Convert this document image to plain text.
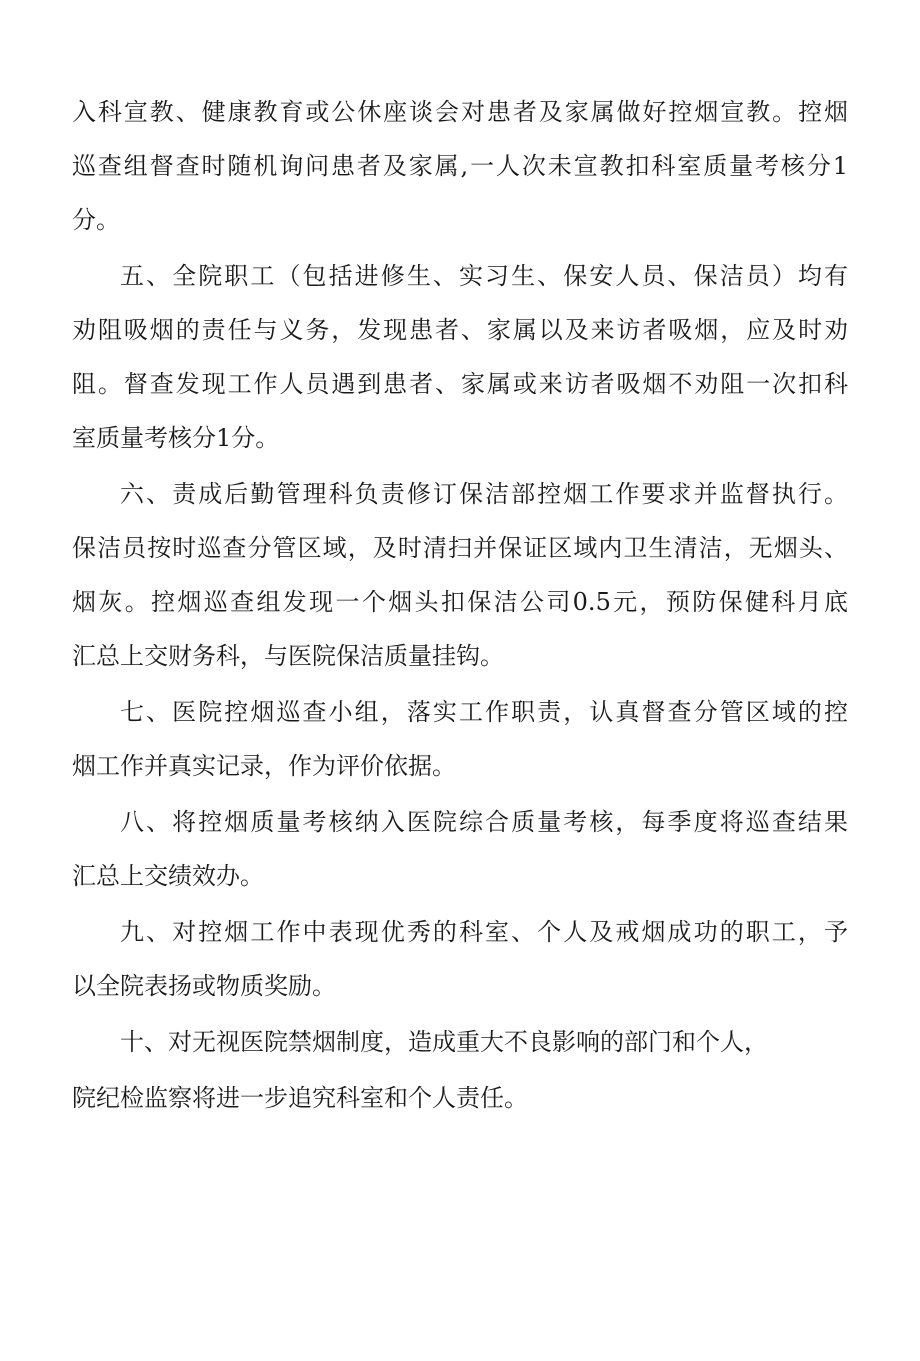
入科宣教、健康教育或公休座谈会对患者及家属做好控烟宣教。控烟

巡查组督查时随机询问患者及家属,一人次未宣教扣科室质量考核分1

分。

五、全院职工（包括进修生、实习生、保安人员、保洁员）均有

劝阻吸烟的责任与义务，发现患者、家属以及来访者吸烟，应及时劝

阻。督查发现工作人员遇到患者、家属或来访者吸烟不劝阻一次扣科

室质量考核分1分。

六、责成后勤管理科负责修订保洁部控烟工作要求并监督执行。

保洁员按时巡查分管区域，及时清扫并保证区域内卫生清洁，无烟头、

烟灰。控烟巡查组发现一个烟头扣保洁公司0.5元，预防保健科月底

汇总上交财务科，与医院保洁质量挂钩。

七、医院控烟巡查小组，落实工作职责，认真督查分管区域的控

烟工作并真实记录，作为评价依据。

八、将控烟质量考核纳入医院综合质量考核，每季度将巡查结果

汇总上交绩效办。

九、对控烟工作中表现优秀的科室、个人及戒烟成功的职工，予

以全院表扬或物质奖励。

十、对无视医院禁烟制度，造成重大不良影响的部门和个人，

院纪检监察将进一步追究科室和个人责任。
